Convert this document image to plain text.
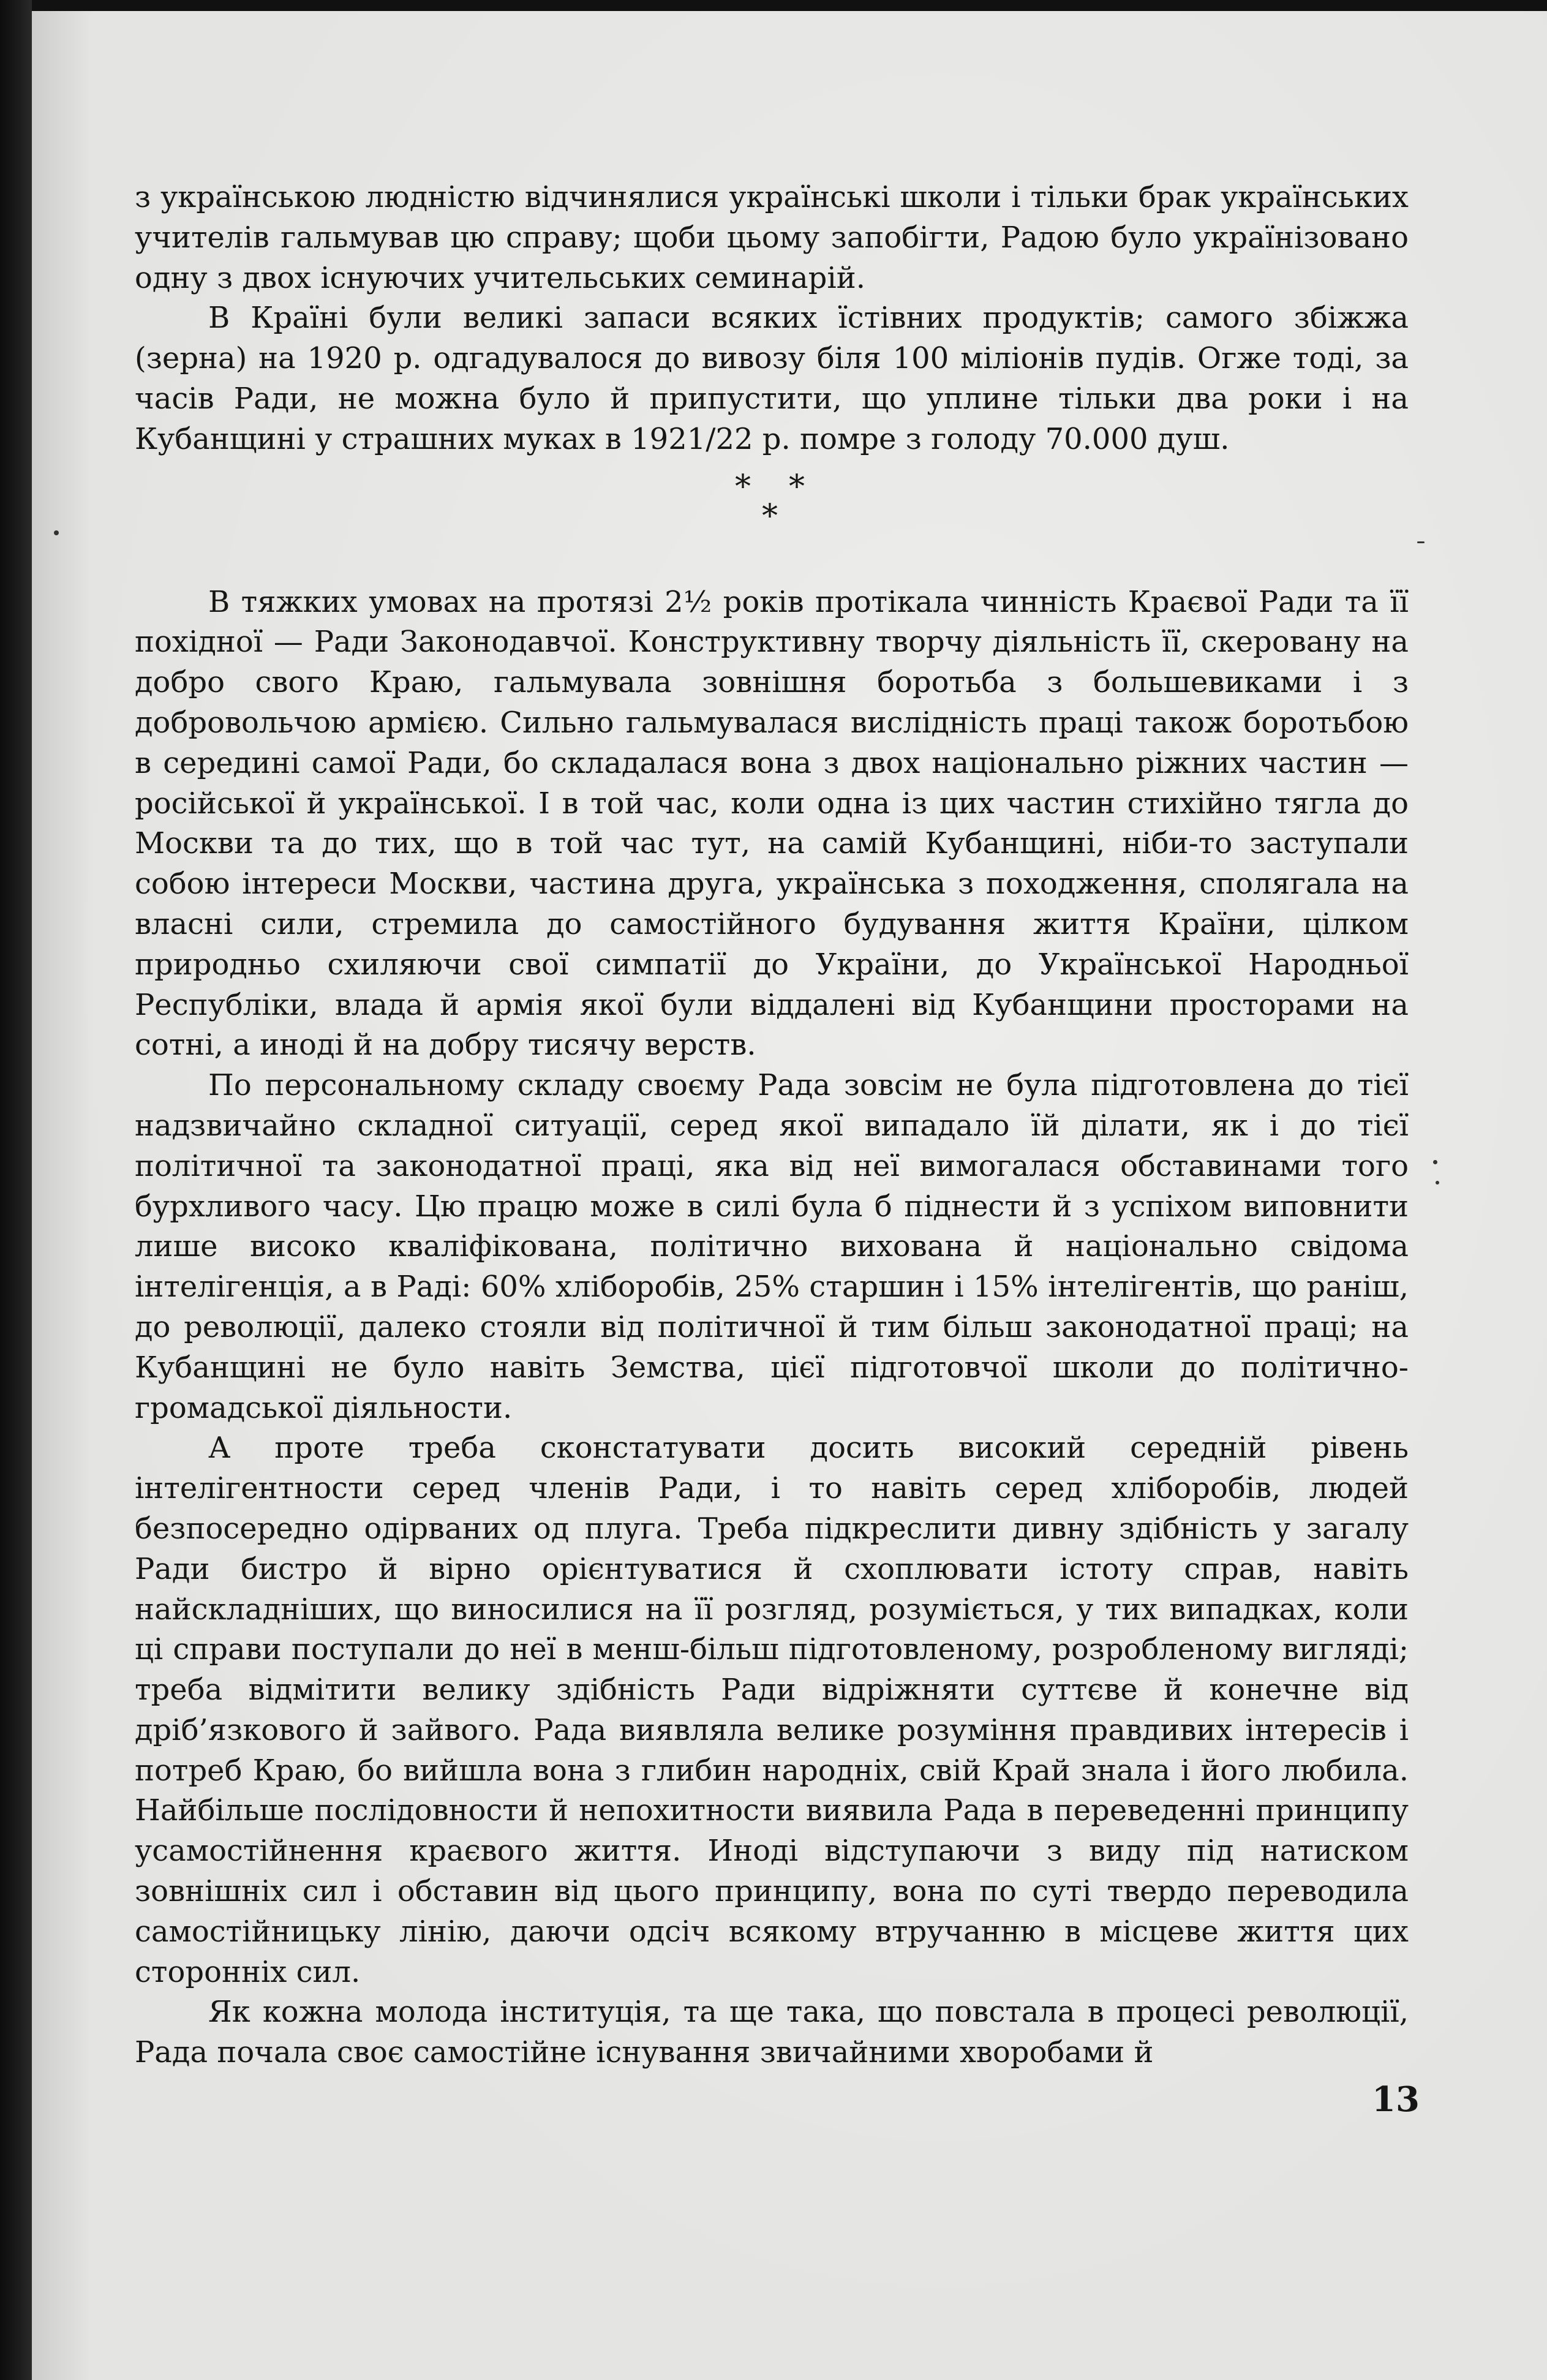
з українською людністю відчинялися українські школи і тільки брак українських учителів гальмував цю справу; щоби цьому запобігти, Радою було українізовано одну з двох існуючих учительських семинарій.

В Країні були великі запаси всяких їстівних продуктів; самого збіжжа (зерна) на 1920 р. одгадувалося до вивозу біля 100 міліонів пудів. Огже тоді, за часів Ради, не можна було й припустити, що уплине тільки два роки і на Кубанщині у страшних муках в 1921/22 р. помре з голоду 70.000 душ.

* *
*

В тяжких умовах на протязі 2½ років протікала чинність Краєвої Ради та її похідної — Ради Законодавчої. Конструктивну творчу діяльність її, скеровану на добро свого Краю, гальмувала зовнішня боротьба з большевиками і з добровольчою армією. Сильно гальмувалася вислідність праці також боротьбою в середині самої Ради, бо складалася вона з двох національно ріжних частин — російської й української. І в той час, коли одна із цих частин стихійно тягла до Москви та до тих, що в той час тут, на самій Кубанщині, ніби-то заступали собою інтереси Москви, частина друга, українська з походження, сполягала на власні сили, стремила до самостійного будування життя Країни, цілком природньо схиляючи свої симпатії до України, до Української Народньої Республіки, влада й армія якої були віддалені від Кубанщини просторами на сотні, а иноді й на добру тисячу верств.

По персональному складу своєму Рада зовсім не була підготовлена до тієї надзвичайно складної ситуації, серед якої випадало їй ділати, як і до тієї політичної та законодатної праці, яка від неї вимогалася обставинами того бурхливого часу. Цю працю може в силі була б піднести й з успіхом виповнити лише високо кваліфікована, політично вихована й національно свідома інтелігенція, а в Раді: 60% хліборобів, 25% старшин і 15% інтелігентів, що раніш, до революції, далеко стояли від політичної й тим більш законодатної праці; на Кубанщині не було навіть Земства, цієї підготовчої школи до політично-громадської діяльности.

А проте треба сконстатувати досить високий середній рівень інтелігентности серед членів Ради, і то навіть серед хліборобів, людей безпосередно одірваних од плуга. Треба підкреслити дивну здібність у загалу Ради бистро й вірно орієнтуватися й схоплювати істоту справ, навіть найскладніших, що виносилися на її розгляд, розуміється, у тих випадках, коли ці справи поступали до неї в менш-більш підготовленому, розробленому вигляді; треба відмітити велику здібність Ради відріжняти суттєве й конечне від дріб’язкового й зайвого. Рада виявляла велике розуміння правдивих інтересів і потреб Краю, бо вийшла вона з глибин народніх, свій Край знала і його любила. Найбільше послідовности й непохитности виявила Рада в переведенні принципу усамостійнення краєвого життя. Иноді відступаючи з виду під натиском зовнішніх сил і обставин від цього принципу, вона по суті твердо переводила самостійницьку лінію, даючи одсіч всякому втручанню в місцеве життя цих сторонніх сил.

Як кожна молода інституція, та ще така, що повстала в процесі революції, Рада почала своє самостійне існування звичайними хворобами й

13
